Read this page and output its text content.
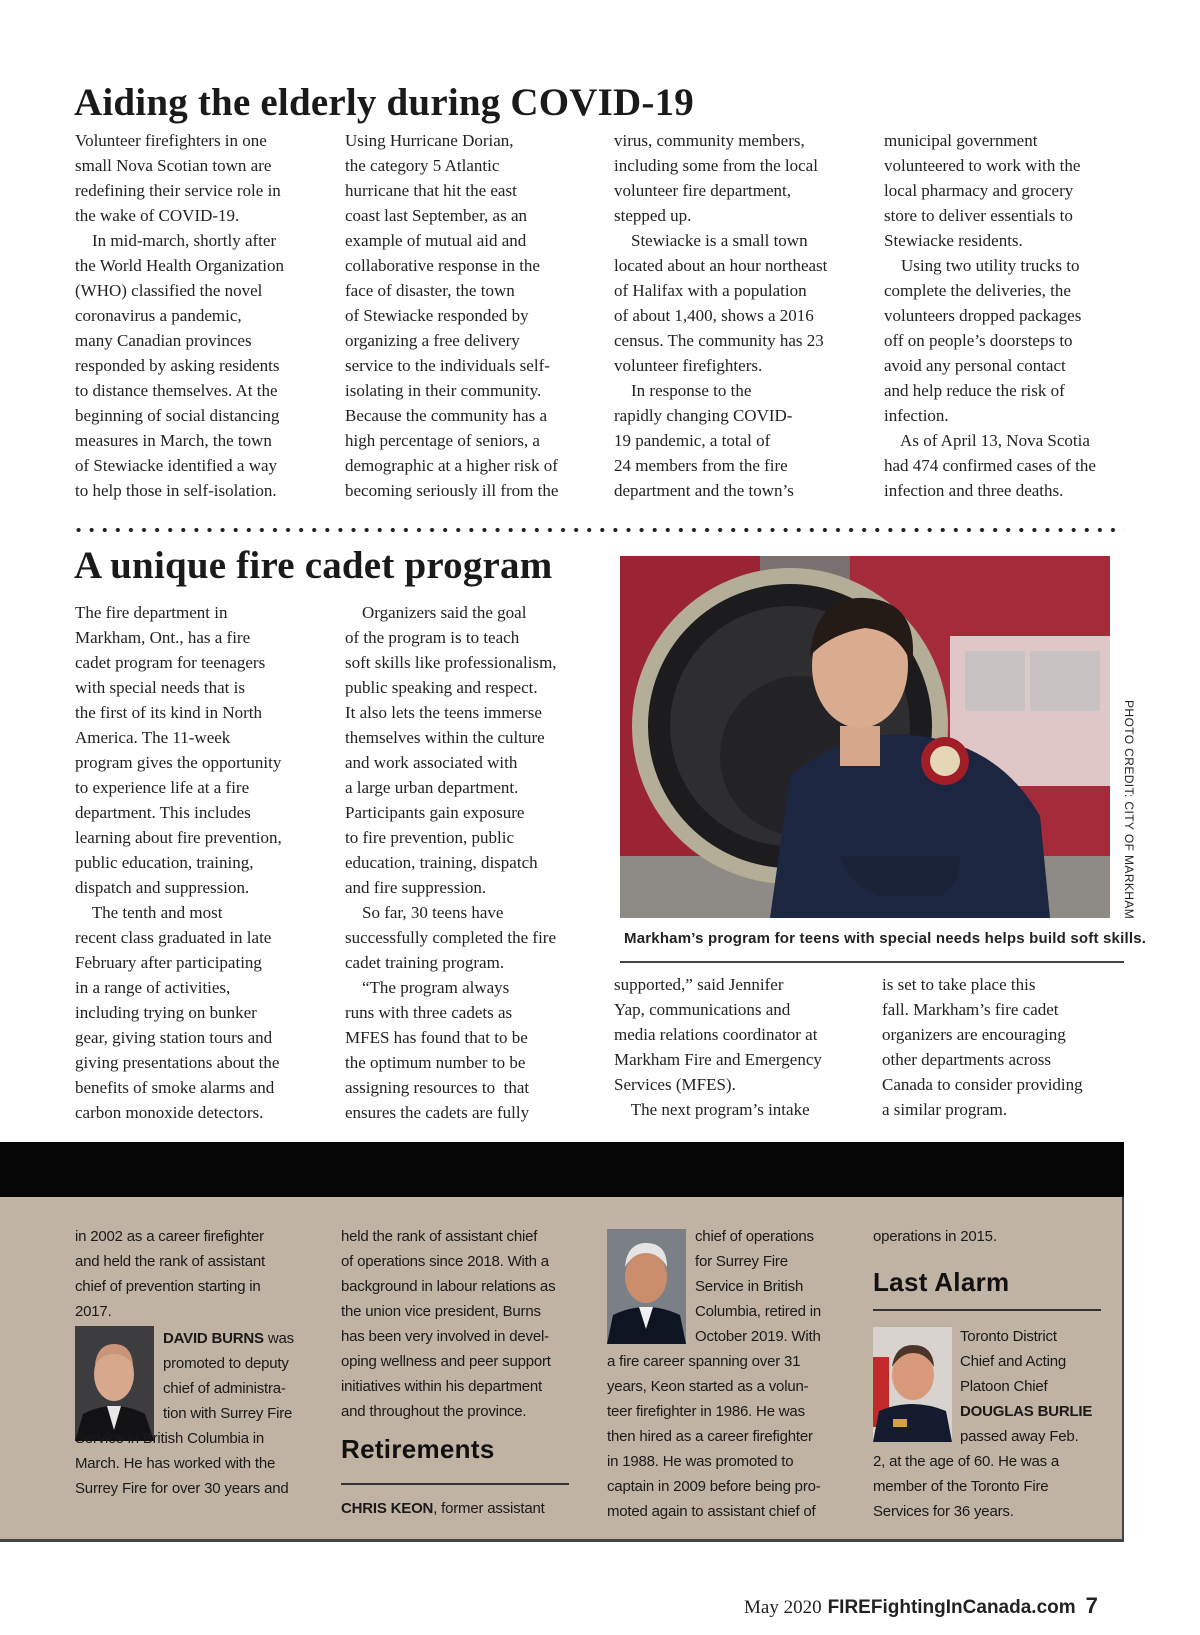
Aiding the elderly during COVID-19

Volunteer firefighters in one

small Nova Scotian town are

redefining their service role in

the wake of COVID-19.

In mid-march, shortly after

the World Health Organization

(WHO) classified the novel

coronavirus a pandemic,

many Canadian provinces

responded by asking residents

to distance themselves. At the

beginning of social distancing

measures in March, the town

of Stewiacke identified a way

to help those in self-isolation.

Using Hurricane Dorian,

the category 5 Atlantic

hurricane that hit the east

coast last September, as an

example of mutual aid and

collaborative response in the

face of disaster, the town

of Stewiacke responded by

organizing a free delivery

service to the individuals self-

isolating in their community.

Because the community has a

high percentage of seniors, a

demographic at a higher risk of

becoming seriously ill from the

virus, community members,

including some from the local

volunteer fire department,

stepped up.

Stewiacke is a small town

located about an hour northeast

of Halifax with a population

of about 1,400, shows a 2016

census. The community has 23

volunteer firefighters.

In response to the

rapidly changing COVID-

19 pandemic, a total of

24 members from the fire

department and the town’s

municipal government

volunteered to work with the

local pharmacy and grocery

store to deliver essentials to

Stewiacke residents.

Using two utility trucks to

complete the deliveries, the

volunteers dropped packages

off on people’s doorsteps to

avoid any personal contact

and help reduce the risk of

infection.

As of April 13, Nova Scotia

had 474 confirmed cases of the

infection and three deaths.

A unique fire cadet program

The fire department in

Markham, Ont., has a fire

cadet program for teenagers

with special needs that is

the first of its kind in North

America. The 11-week

program gives the opportunity

to experience life at a fire

department. This includes

learning about fire prevention,

public education, training,

dispatch and suppression.

The tenth and most

recent class graduated in late

February after participating

in a range of activities,

including trying on bunker

gear, giving station tours and

giving presentations about the

benefits of smoke alarms and

carbon monoxide detectors.

Organizers said the goal

of the program is to teach

soft skills like professionalism,

public speaking and respect.

It also lets the teens immerse

themselves within the culture

and work associated with

a large urban department.

Participants gain exposure

to fire prevention, public

education, training, dispatch

and fire suppression.

So far, 30 teens have

successfully completed the fire

cadet training program.

“The program always

runs with three cadets as

MFES has found that to be

the optimum number to be

assigning resources to  that

ensures the cadets are fully

PHOTO CREDIT: CITY OF MARKHAM
Markham’s program for teens with special needs helps build soft skills.

supported,” said Jennifer

Yap, communications and

media relations coordinator at

Markham Fire and Emergency

Services (MFES).

The next program’s intake

is set to take place this

fall. Markham’s fire cadet

organizers are encouraging

other departments across

Canada to consider providing

a similar program.

in 2002 as a career firefighter

and held the rank of assistant

chief of prevention starting in

2017.

DAVID BURNS was

promoted to deputy

chief of administra-

tion with Surrey Fire

Service in British Columbia in

March. He has worked with the

Surrey Fire for over 30 years and

held the rank of assistant chief

of operations since 2018. With a

background in labour relations as

the union vice president, Burns

has been very involved in devel-

oping wellness and peer support

initiatives within his department

and throughout the province.

Retirements

CHRIS KEON, former assistant

chief of operations

for Surrey Fire

Service in British

Columbia, retired in

October 2019. With

a fire career spanning over 31

years, Keon started as a volun-

teer firefighter in 1986. He was

then hired as a career firefighter

in 1988. He was promoted to

captain in 2009 before being pro-

moted again to assistant chief of

operations in 2015.

Last Alarm

Toronto District

Chief and Acting

Platoon Chief

DOUGLAS BURLIE

passed away Feb.

2, at the age of 60. He was a

member of the Toronto Fire

Services for 36 years.

May 2020 FIREFightingInCanada.com 7
